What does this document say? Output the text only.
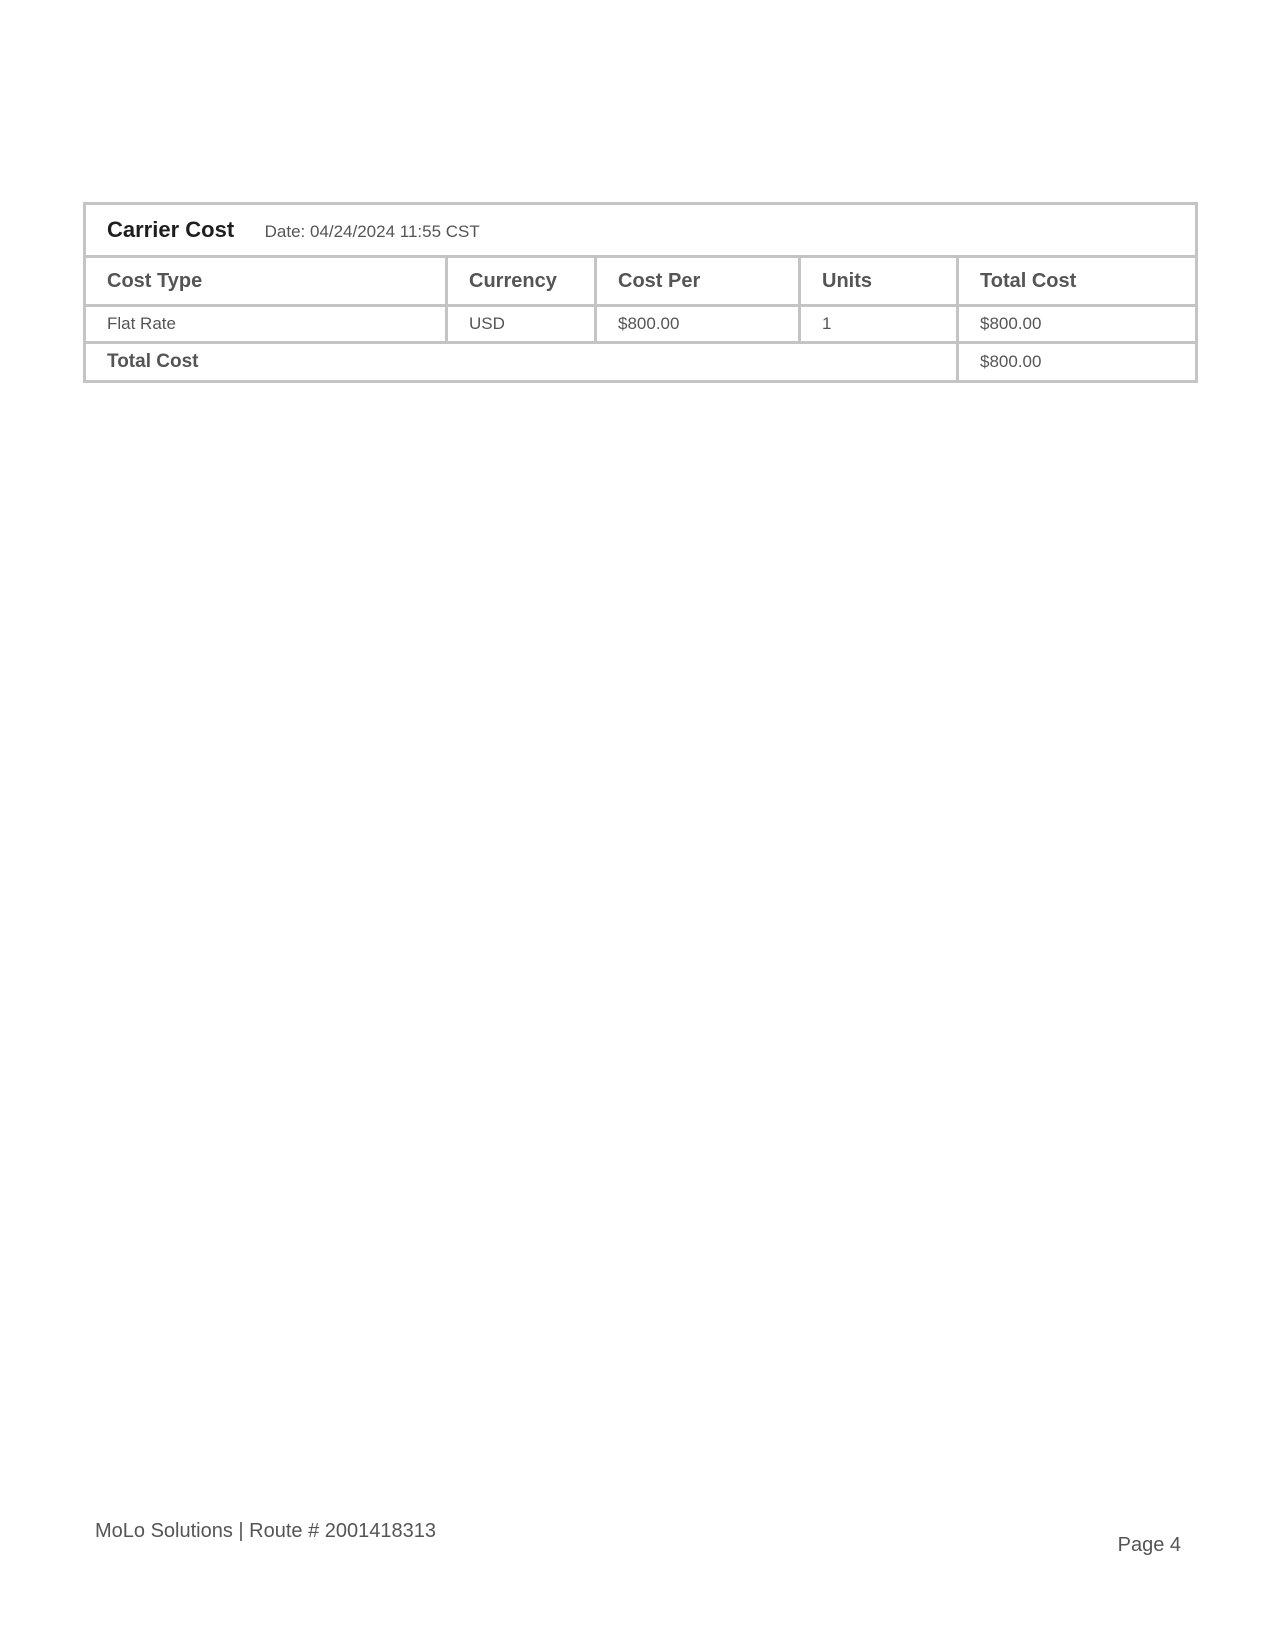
Carrier Cost Date: 04/24/2024 11:55 CST				
Cost Type	Currency	Cost Per	Units	Total Cost
Flat Rate	USD	$800.00	1	$800.00
Total Cost				$800.00
MoLo Solutions | Route # 2001418313
Page 4
